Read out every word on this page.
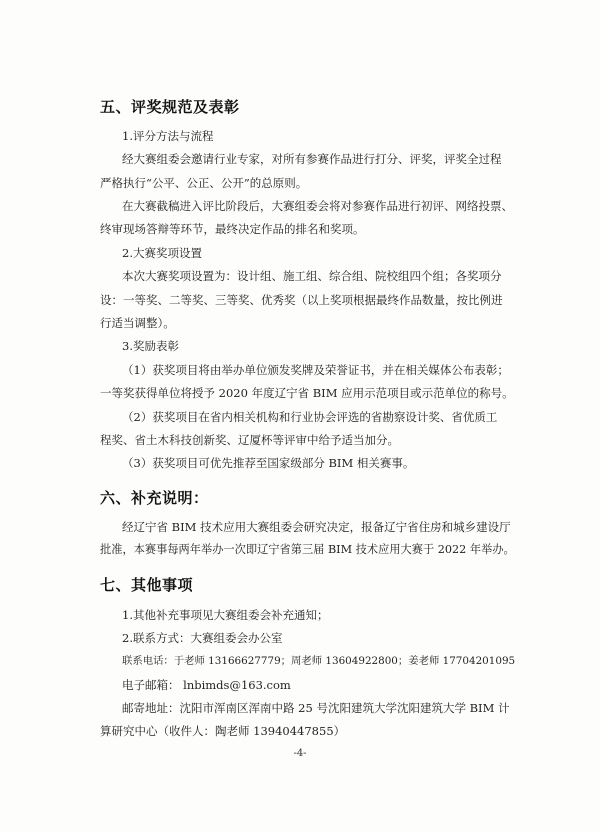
五、评奖规范及表彰
1.评分方法与流程
经大赛组委会邀请行业专家，对所有参赛作品进行打分、评奖，评奖全过程
严格执行“公平、公正、公开”的总原则。
在大赛截稿进入评比阶段后，大赛组委会将对参赛作品进行初评、网络投票、
终审现场答辩等环节，最终决定作品的排名和奖项。
2.大赛奖项设置
本次大赛奖项设置为：设计组、施工组、综合组、院校组四个组；各奖项分
设：一等奖、二等奖、三等奖、优秀奖（以上奖项根据最终作品数量，按比例进
行适当调整）。
3.奖励表彰
（1）获奖项目将由举办单位颁发奖牌及荣誉证书，并在相关媒体公布表彰；
一等奖获得单位将授予 2020 年度辽宁省 BIM 应用示范项目或示范单位的称号。
（2）获奖项目在省内相关机构和行业协会评选的省勘察设计奖、省优质工
程奖、省土木科技创新奖、辽厦杯等评审中给予适当加分。
（3）获奖项目可优先推荐至国家级部分 BIM 相关赛事。
六、补充说明：
经辽宁省 BIM 技术应用大赛组委会研究决定，报备辽宁省住房和城乡建设厅
批准，本赛事每两年举办一次即辽宁省第三届 BIM 技术应用大赛于 2022 年举办。
七、其他事项
1.其他补充事项见大赛组委会补充通知；
2.联系方式：大赛组委会办公室
联系电话：于老师 13166627779；周老师 13604922800；姜老师 17704201095
电子邮箱： lnbimds@163.com
邮寄地址：沈阳市浑南区浑南中路 25 号沈阳建筑大学沈阳建筑大学 BIM 计
算研究中心（收件人：陶老师 13940447855）
-4-
